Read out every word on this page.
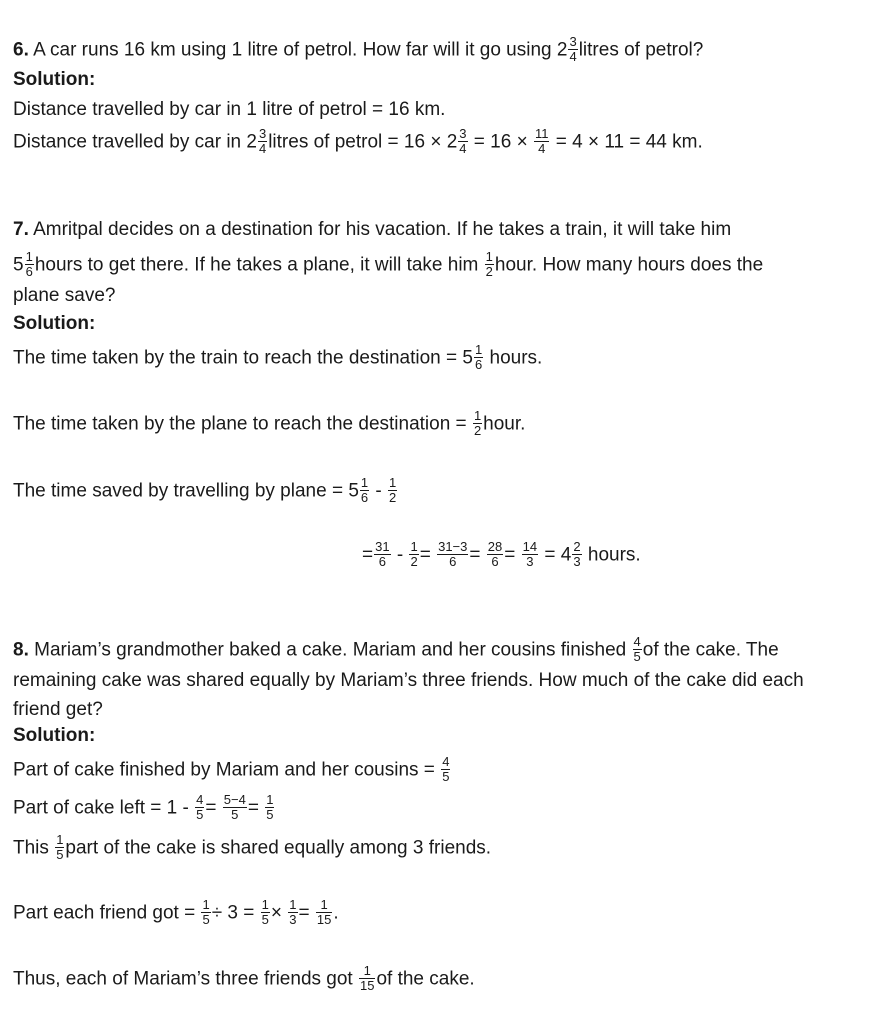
6. A car runs 16 km using 1 litre of petrol. How far will it go using $2 \frac{3}{4}$ litres of petrol?
Solution:
Distance travelled by car in 1 litre of petrol = 16 km.
Distance travelled by car in $2 \frac{3}{4}$ litres of petrol = $16 \times 2 \frac{3}{4} = 16 \times \frac{11}{4} = 4 \times 11 = 44$ km.
7. Amritpal decides on a destination for his vacation. If he takes a train, it will take him
$5 \frac{1}{6}$ hours to get there. If he takes a plane, it will take him $\frac{1}{2}$ hour. How many hours does the
plane save?
Solution:
The time taken by the train to reach the destination = $5 \frac{1}{6}$ hours.
The time taken by the plane to reach the destination = $\frac{1}{2}$ hour.
The time saved by travelling by plane = $5 \frac{1}{6} - \frac{1}{2}$
= $\frac{31}{6} - \frac{1}{2} = \frac{31-3}{6} = \frac{28}{6} = \frac{14}{3} = 4 \frac{2}{3}$ hours.
8. Mariam’s grandmother baked a cake. Mariam and her cousins finished $\frac{4}{5}$ of the cake. The
remaining cake was shared equally by Mariam’s three friends. How much of the cake did each
friend get?
Solution:
Part of cake finished by Mariam and her $cousins = \frac{4}{5}$
Part of cake left = $1 - \frac{4}{5} = \frac{5-4}{5} = \frac{1}{5}$
This $\frac{1}{5}$ part of the cake is shared equally among 3 friends.
Part each friend got = $\frac{1}{5} \div 3 = \frac{1}{5} \times \frac{1}{3} = \frac{1}{15}$ .
Thus, each of Mariam’s three friends got $\frac{1}{15}$ of the cake.
